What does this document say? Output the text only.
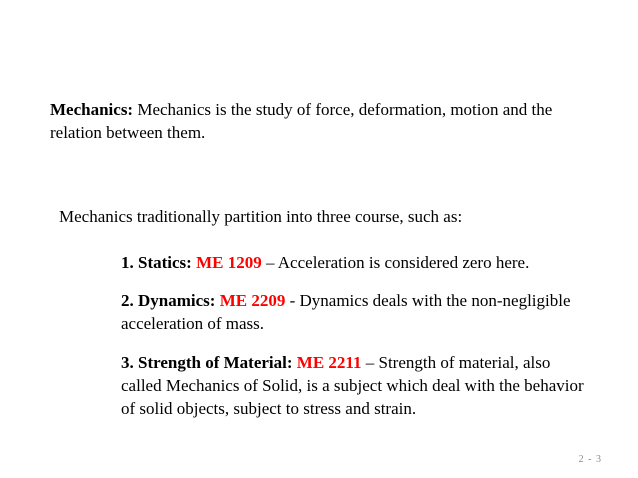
Mechanics: Mechanics is the study of force, deformation, motion and the relation between them.

Mechanics traditionally partition into three course, such as:

1. Statics: ME 1209 – Acceleration is considered zero here.

2. Dynamics: ME 2209 - Dynamics deals with the non-negligible acceleration of mass.

3. Strength of Material: ME 2211 – Strength of material, also called Mechanics of Solid, is a subject which deal with the behavior of solid objects, subject to stress and strain.

2 - 3
